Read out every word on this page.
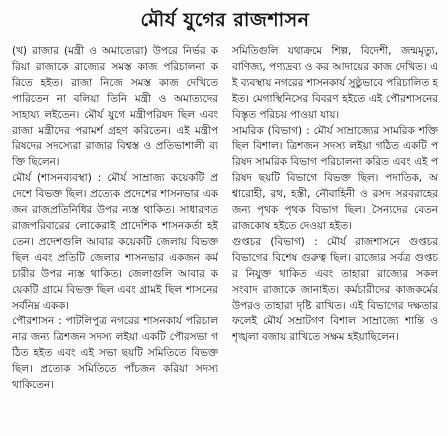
মৌর্য যুগের রাজশাসন

(খ) রাজার (মন্ত্রী ও অমাত্যেরা) উপরে নির্ভর করিয়া রাজাকে রাজ্যের সমস্ত কাজ পরিচালনা করিতে হইত। রাজা নিজে সমস্ত কাজ দেখিতে পারিতেন না বলিয়া তিনি মন্ত্রী ও অমাত্যদের সাহায্য লইতেন। মৌর্য যুগে মন্ত্রীপরিষদ ছিল এবং রাজা মন্ত্রীদের পরামর্শ গ্রহণ করিতেন। এই মন্ত্রীপরিষদের সদস্যেরা রাজার বিশ্বস্ত ও প্রতিভাশালী ব্যক্তি ছিলেন।

মৌর্য (শাসনব্যবস্থা) : মৌর্য সাম্রাজ্য কয়েকটি প্রদেশে বিভক্ত ছিল। প্রত্যেক প্রদেশের শাসনভার একজন রাজপ্রতিনিধির উপর ন্যস্ত থাকিত। সাধারণত রাজপরিবারের লোকেরাই প্রাদেশিক শাসনকর্তা হইতেন। প্রদেশগুলি আবার কয়েকটি জেলায় বিভক্ত ছিল এবং প্রতিটি জেলার শাসনভার একজন কর্মচারীর উপর ন্যস্ত থাকিত। জেলাগুলি আবার কয়েকটি গ্রামে বিভক্ত ছিল এবং গ্রামই ছিল শাসনের সর্বনিম্ন একক।

পৌরশাসন : পাটলিপুত্র নগরের শাসনকার্য পরিচালনার জন্য ত্রিশজন সদস্য লইয়া একটি পৌরসভা গঠিত হইত এবং এই সভা ছয়টি সমিতিতে বিভক্ত ছিল। প্রত্যেক সমিতিতে পাঁচজন করিয়া সদস্য থাকিতেন।

সমিতিগুলি যথাক্রমে শিল্প, বিদেশী, জন্মমৃত্যু, বাণিজ্য, পণ্যদ্রব্য ও কর আদায়ের কাজ দেখিত। এই ব্যবস্থায় নগরের শাসনকার্য সুষ্ঠুভাবে পরিচালিত হইত। মেগাস্থিনিসের বিবরণ হইতে এই পৌরশাসনের বিস্তৃত পরিচয় পাওয়া যায়।

সামরিক (বিভাগ) : মৌর্য সাম্রাজ্যের সামরিক শক্তি ছিল বিশাল। ত্রিশজন সদস্য লইয়া গঠিত একটি পরিষদ সামরিক বিভাগ পরিচালনা করিত এবং এই পরিষদ ছয়টি বিভাগে বিভক্ত ছিল। পদাতিক, অশ্বারোহী, রথ, হস্তী, নৌবাহিনী ও রসদ সরবরাহের জন্য পৃথক পৃথক বিভাগ ছিল। সৈন্যদের বেতন রাজকোষ হইতে দেওয়া হইত।

গুপ্তচর (বিভাগ) : মৌর্য রাজশাসনে গুপ্তচর বিভাগের বিশেষ গুরুত্ব ছিল। রাজ্যের সর্বত্র গুপ্তচর নিযুক্ত থাকিত এবং তাহারা রাজ্যের সকল সংবাদ রাজাকে জানাইত। কর্মচারীদের কাজকর্মের উপরও তাহারা দৃষ্টি রাখিত। এই বিভাগের দক্ষতার ফলেই মৌর্য সম্রাটগণ বিশাল সাম্রাজ্যে শান্তি ও শৃঙ্খলা বজায় রাখিতে সক্ষম হইয়াছিলেন।
